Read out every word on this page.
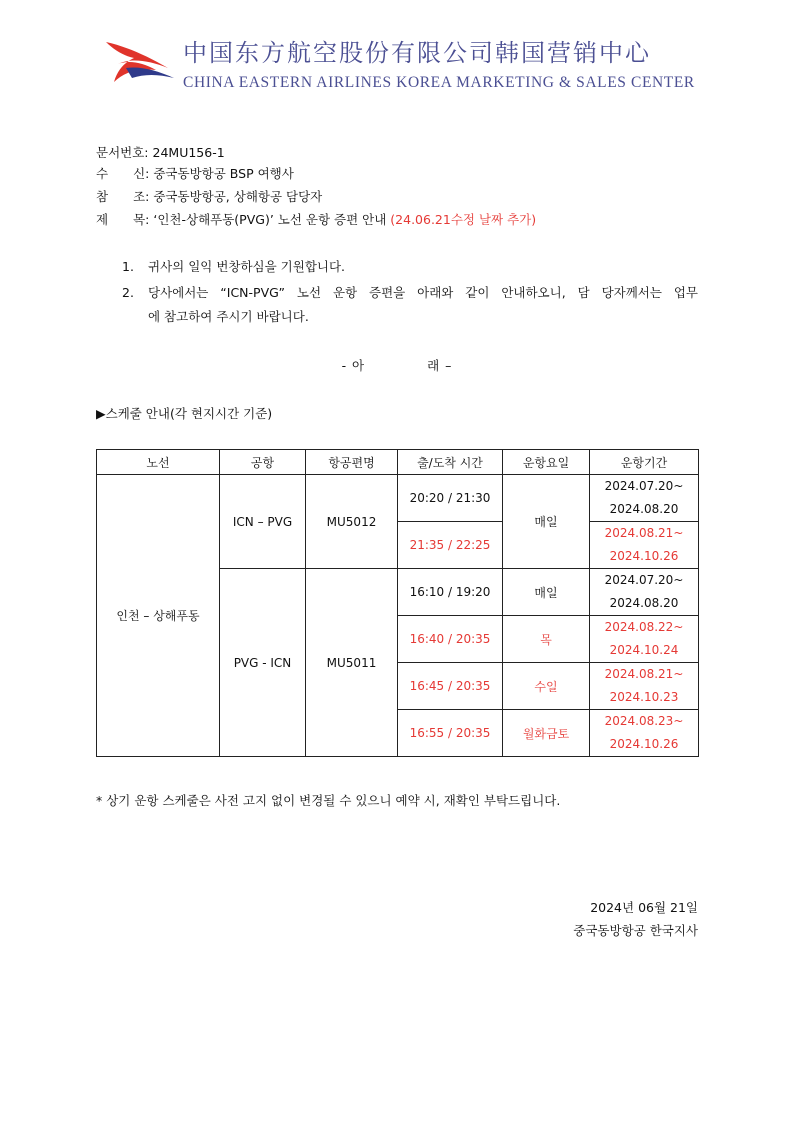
中国东方航空股份有限公司韩国营销中心
CHINA EASTERN AIRLINES KOREA MARKETING & SALES CENTER
문서번호: 24MU156-1
수　　신: 중국동방항공 BSP 여행사
참　　조: 중국동방항공, 상해항공 담당자
제　　목: ‘인천-상해푸동(PVG)’ 노선 운항 증편 안내 (24.06.21수정 날짜 추가)
1. 귀사의 일익 번창하심을 기원합니다.
2.	당사에서는 “ICN-PVG” 노선 운항 증편을 아래와 같이 안내하오니, 담 당자께서는 업무
에 참고하여 주시기 바랍니다.
- 아	래 –
▶스케줄 안내(각 현지시간 기준)
노선	공항	항공편명	출/도착 시간	운항요일	운항기간
인천 – 상해푸동	ICN – PVG	MU5012	20:20 / 21:30	매일	2024.07.20~
2024.08.20

			21:35 / 22:25		2024.08.21~
2024.10.26

	PVG - ICN	MU5011	16:10 / 19:20	매일	2024.07.20~
2024.08.20

			16:40 / 20:35	목	2024.08.22~
2024.10.24

			16:45 / 20:35	수일	2024.08.21~
2024.10.23

			16:55 / 20:35	월화금토	2024.08.23~
2024.10.26
* 상기 운항 스케줄은 사전 고지 없이 변경될 수 있으니 예약 시, 재확인 부탁드립니다.
2024년 06월 21일
중국동방항공 한국지사
